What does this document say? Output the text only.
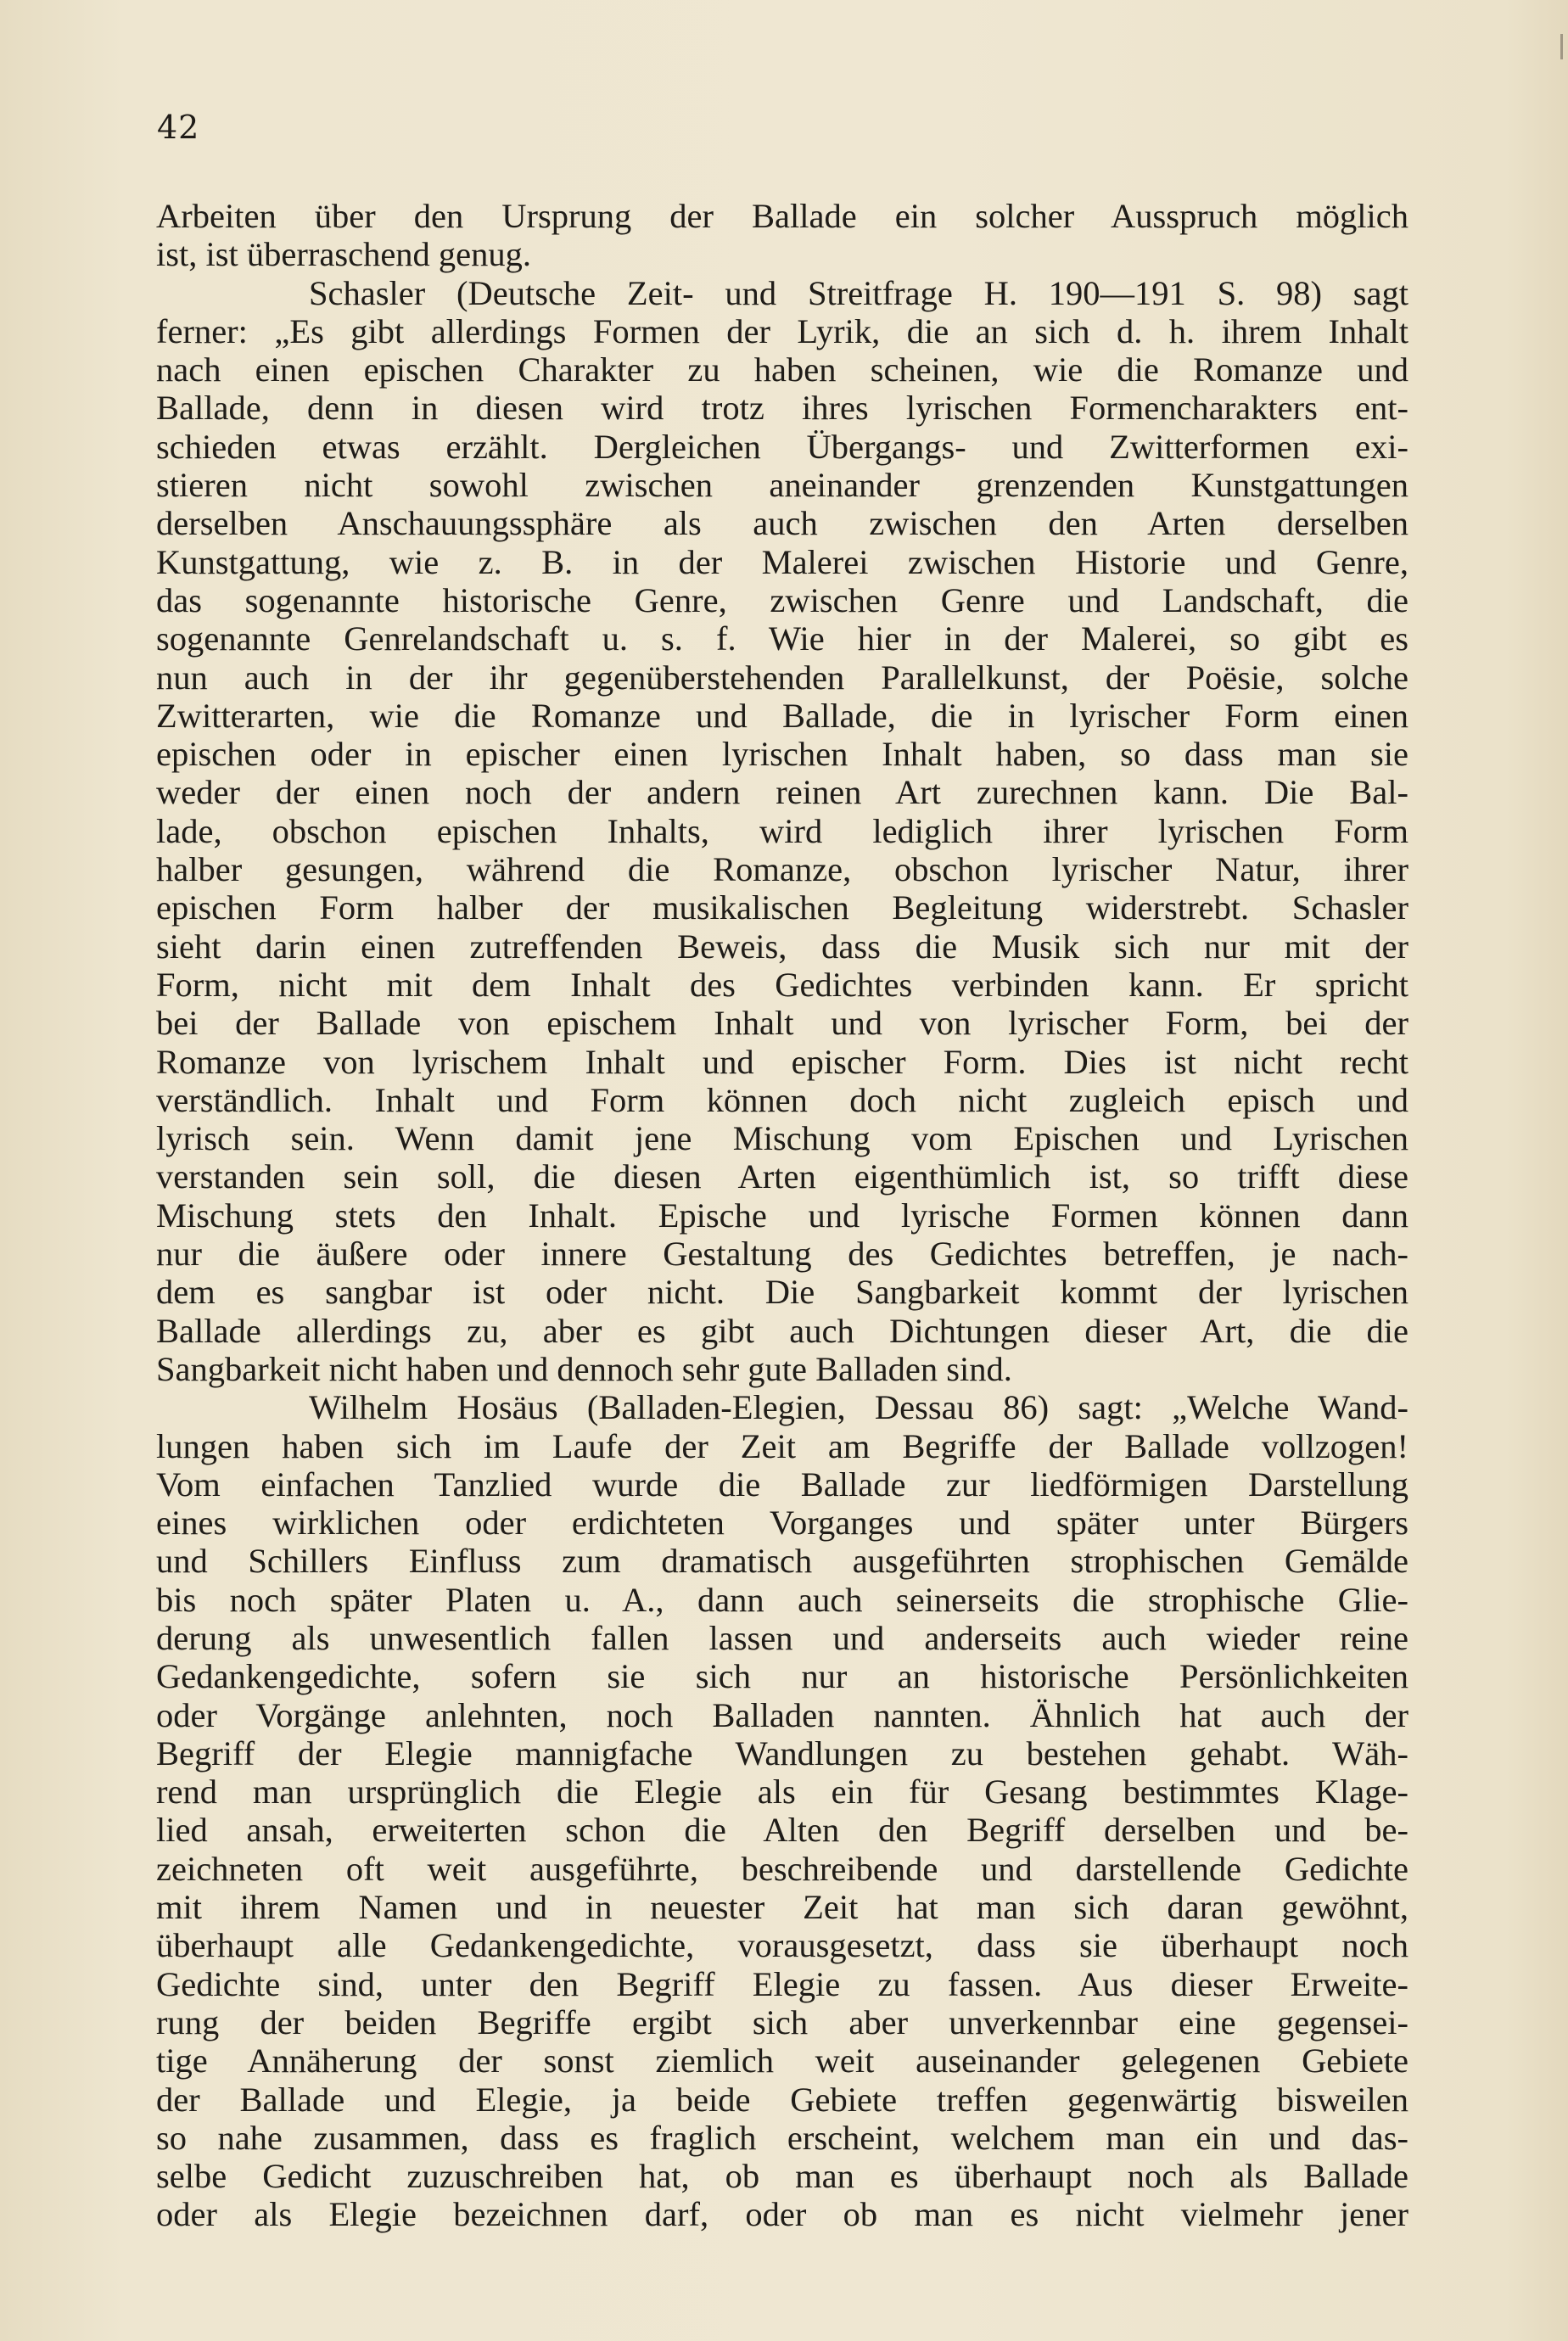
42
Arbeiten über den Ursprung der Ballade ein solcher Ausspruch möglich
ist, ist überraschend genug.
Schasler (Deutsche Zeit- und Streitfrage H. 190—191 S. 98) sagt
ferner: „Es gibt allerdings Formen der Lyrik, die an sich d. h. ihrem Inhalt
nach einen epischen Charakter zu haben scheinen, wie die Romanze und
Ballade, denn in diesen wird trotz ihres lyrischen Formencharakters ent-
schieden etwas erzählt. Dergleichen Übergangs- und Zwitterformen exi-
stieren nicht sowohl zwischen aneinander grenzenden Kunstgattungen
derselben Anschauungssphäre als auch zwischen den Arten derselben
Kunstgattung, wie z. B. in der Malerei zwischen Historie und Genre,
das sogenannte historische Genre, zwischen Genre und Landschaft, die
sogenannte Genrelandschaft u. s. f. Wie hier in der Malerei, so gibt es
nun auch in der ihr gegenüberstehenden Parallelkunst, der Poësie, solche
Zwitterarten, wie die Romanze und Ballade, die in lyrischer Form einen
epischen oder in epischer einen lyrischen Inhalt haben, so dass man sie
weder der einen noch der andern reinen Art zurechnen kann. Die Bal-
lade, obschon epischen Inhalts, wird lediglich ihrer lyrischen Form
halber gesungen, während die Romanze, obschon lyrischer Natur, ihrer
epischen Form halber der musikalischen Begleitung widerstrebt. Schasler
sieht darin einen zutreffenden Beweis, dass die Musik sich nur mit der
Form, nicht mit dem Inhalt des Gedichtes verbinden kann. Er spricht
bei der Ballade von epischem Inhalt und von lyrischer Form, bei der
Romanze von lyrischem Inhalt und epischer Form. Dies ist nicht recht
verständlich. Inhalt und Form können doch nicht zugleich episch und
lyrisch sein. Wenn damit jene Mischung vom Epischen und Lyrischen
verstanden sein soll, die diesen Arten eigenthümlich ist, so trifft diese
Mischung stets den Inhalt. Epische und lyrische Formen können dann
nur die äußere oder innere Gestaltung des Gedichtes betreffen, je nach-
dem es sangbar ist oder nicht. Die Sangbarkeit kommt der lyrischen
Ballade allerdings zu, aber es gibt auch Dichtungen dieser Art, die die
Sangbarkeit nicht haben und dennoch sehr gute Balladen sind.
Wilhelm Hosäus (Balladen-Elegien, Dessau 86) sagt: „Welche Wand-
lungen haben sich im Laufe der Zeit am Begriffe der Ballade vollzogen!
Vom einfachen Tanzlied wurde die Ballade zur liedförmigen Darstellung
eines wirklichen oder erdichteten Vorganges und später unter Bürgers
und Schillers Einfluss zum dramatisch ausgeführten strophischen Gemälde
bis noch später Platen u. A., dann auch seinerseits die strophische Glie-
derung als unwesentlich fallen lassen und anderseits auch wieder reine
Gedankengedichte, sofern sie sich nur an historische Persönlichkeiten
oder Vorgänge anlehnten, noch Balladen nannten. Ähnlich hat auch der
Begriff der Elegie mannigfache Wandlungen zu bestehen gehabt. Wäh-
rend man ursprünglich die Elegie als ein für Gesang bestimmtes Klage-
lied ansah, erweiterten schon die Alten den Begriff derselben und be-
zeichneten oft weit ausgeführte, beschreibende und darstellende Gedichte
mit ihrem Namen und in neuester Zeit hat man sich daran gewöhnt,
überhaupt alle Gedankengedichte, vorausgesetzt, dass sie überhaupt noch
Gedichte sind, unter den Begriff Elegie zu fassen. Aus dieser Erweite-
rung der beiden Begriffe ergibt sich aber unverkennbar eine gegensei-
tige Annäherung der sonst ziemlich weit auseinander gelegenen Gebiete
der Ballade und Elegie, ja beide Gebiete treffen gegenwärtig bisweilen
so nahe zusammen, dass es fraglich erscheint, welchem man ein und das-
selbe Gedicht zuzuschreiben hat, ob man es überhaupt noch als Ballade
oder als Elegie bezeichnen darf, oder ob man es nicht vielmehr jener
